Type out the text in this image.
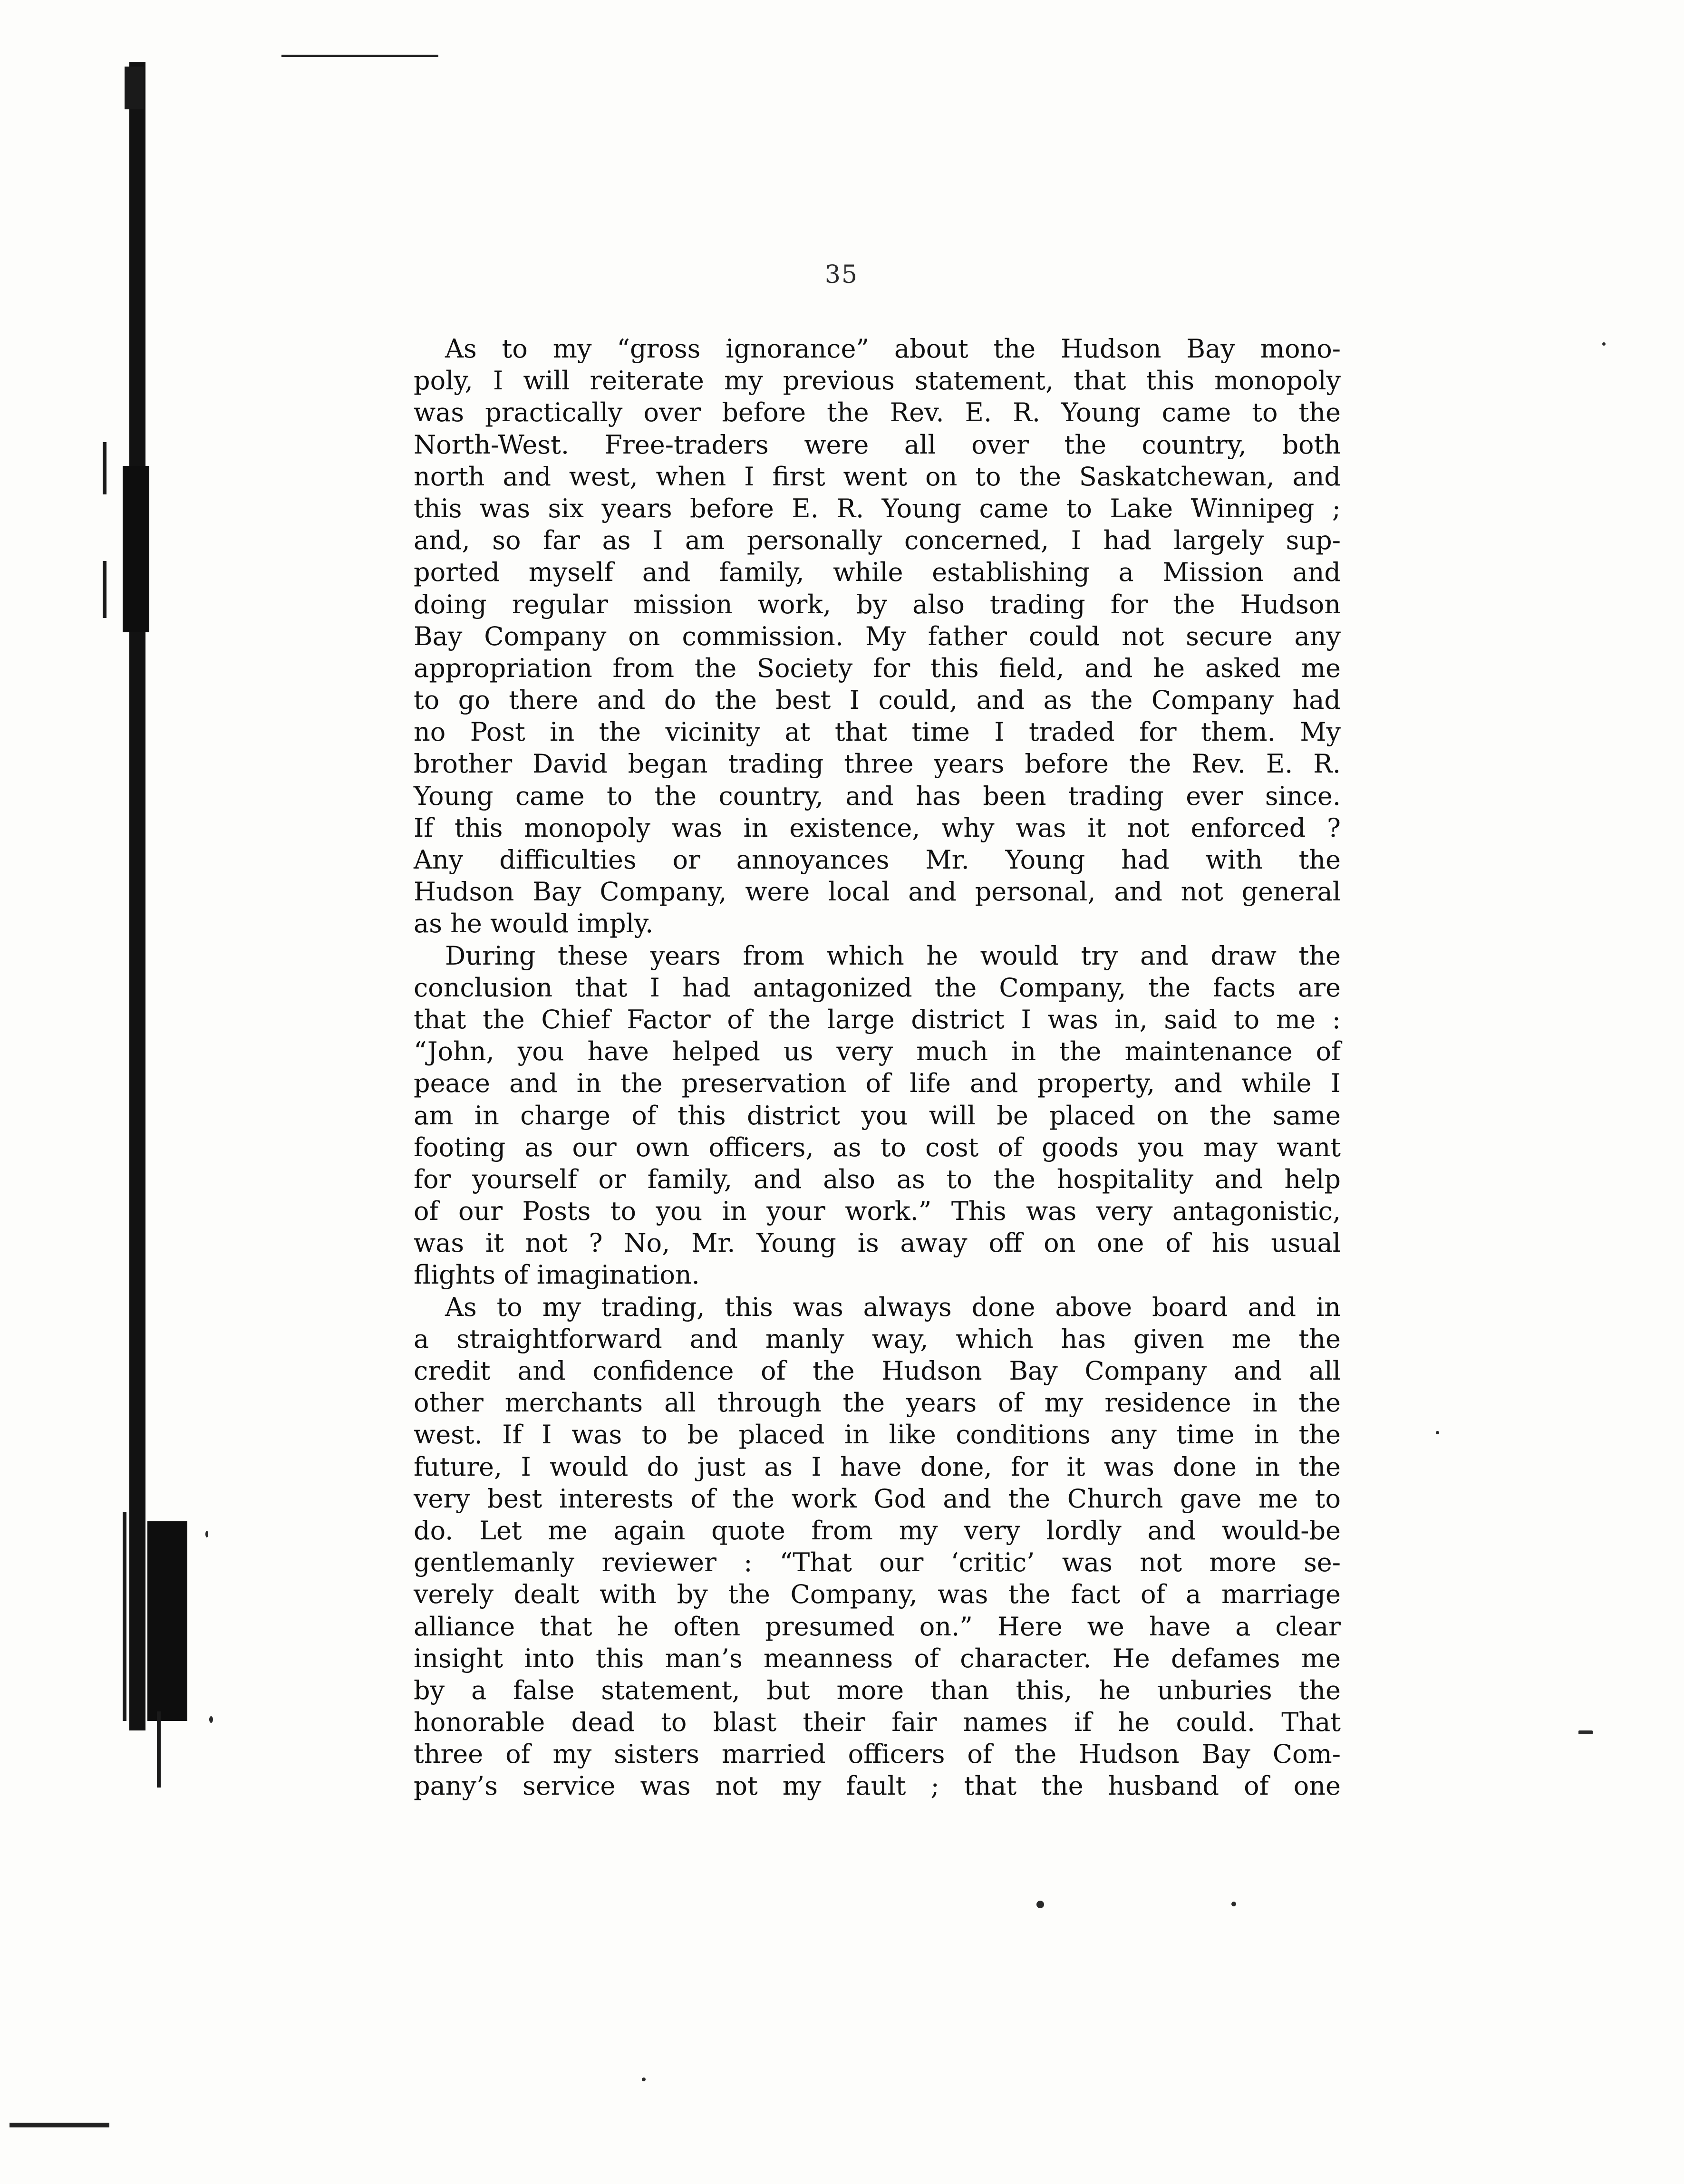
35
As to my “gross ignorance” about the Hudson Bay mono-
poly, I will reiterate my previous statement, that this monopoly
was practically over before the Rev. E. R. Young came to the
North-West. Free-traders were all over the country, both
north and west, when I first went on to the Saskatchewan, and
this was six years before E. R. Young came to Lake Winnipeg ;
and, so far as I am personally concerned, I had largely sup-
ported myself and family, while establishing a Mission and
doing regular mission work, by also trading for the Hudson
Bay Company on commission. My father could not secure any
appropriation from the Society for this field, and he asked me
to go there and do the best I could, and as the Company had
no Post in the vicinity at that time I traded for them. My
brother David began trading three years before the Rev. E. R.
Young came to the country, and has been trading ever since.
If this monopoly was in existence, why was it not enforced ?
Any difficulties or annoyances Mr. Young had with the
Hudson Bay Company, were local and personal, and not general
as he would imply.
During these years from which he would try and draw the
conclusion that I had antagonized the Company, the facts are
that the Chief Factor of the large district I was in, said to me :
“John, you have helped us very much in the maintenance of
peace and in the preservation of life and property, and while I
am in charge of this district you will be placed on the same
footing as our own officers, as to cost of goods you may want
for yourself or family, and also as to the hospitality and help
of our Posts to you in your work.” This was very antagonistic,
was it not ? No, Mr. Young is away off on one of his usual
flights of imagination.
As to my trading, this was always done above board and in
a straightforward and manly way, which has given me the
credit and confidence of the Hudson Bay Company and all
other merchants all through the years of my residence in the
west. If I was to be placed in like conditions any time in the
future, I would do just as I have done, for it was done in the
very best interests of the work God and the Church gave me to
do. Let me again quote from my very lordly and would-be
gentlemanly reviewer : “That our ‘critic’ was not more se-
verely dealt with by the Company, was the fact of a marriage
alliance that he often presumed on.” Here we have a clear
insight into this man’s meanness of character. He defames me
by a false statement, but more than this, he unburies the
honorable dead to blast their fair names if he could. That
three of my sisters married officers of the Hudson Bay Com-
pany’s service was not my fault ; that the husband of one
